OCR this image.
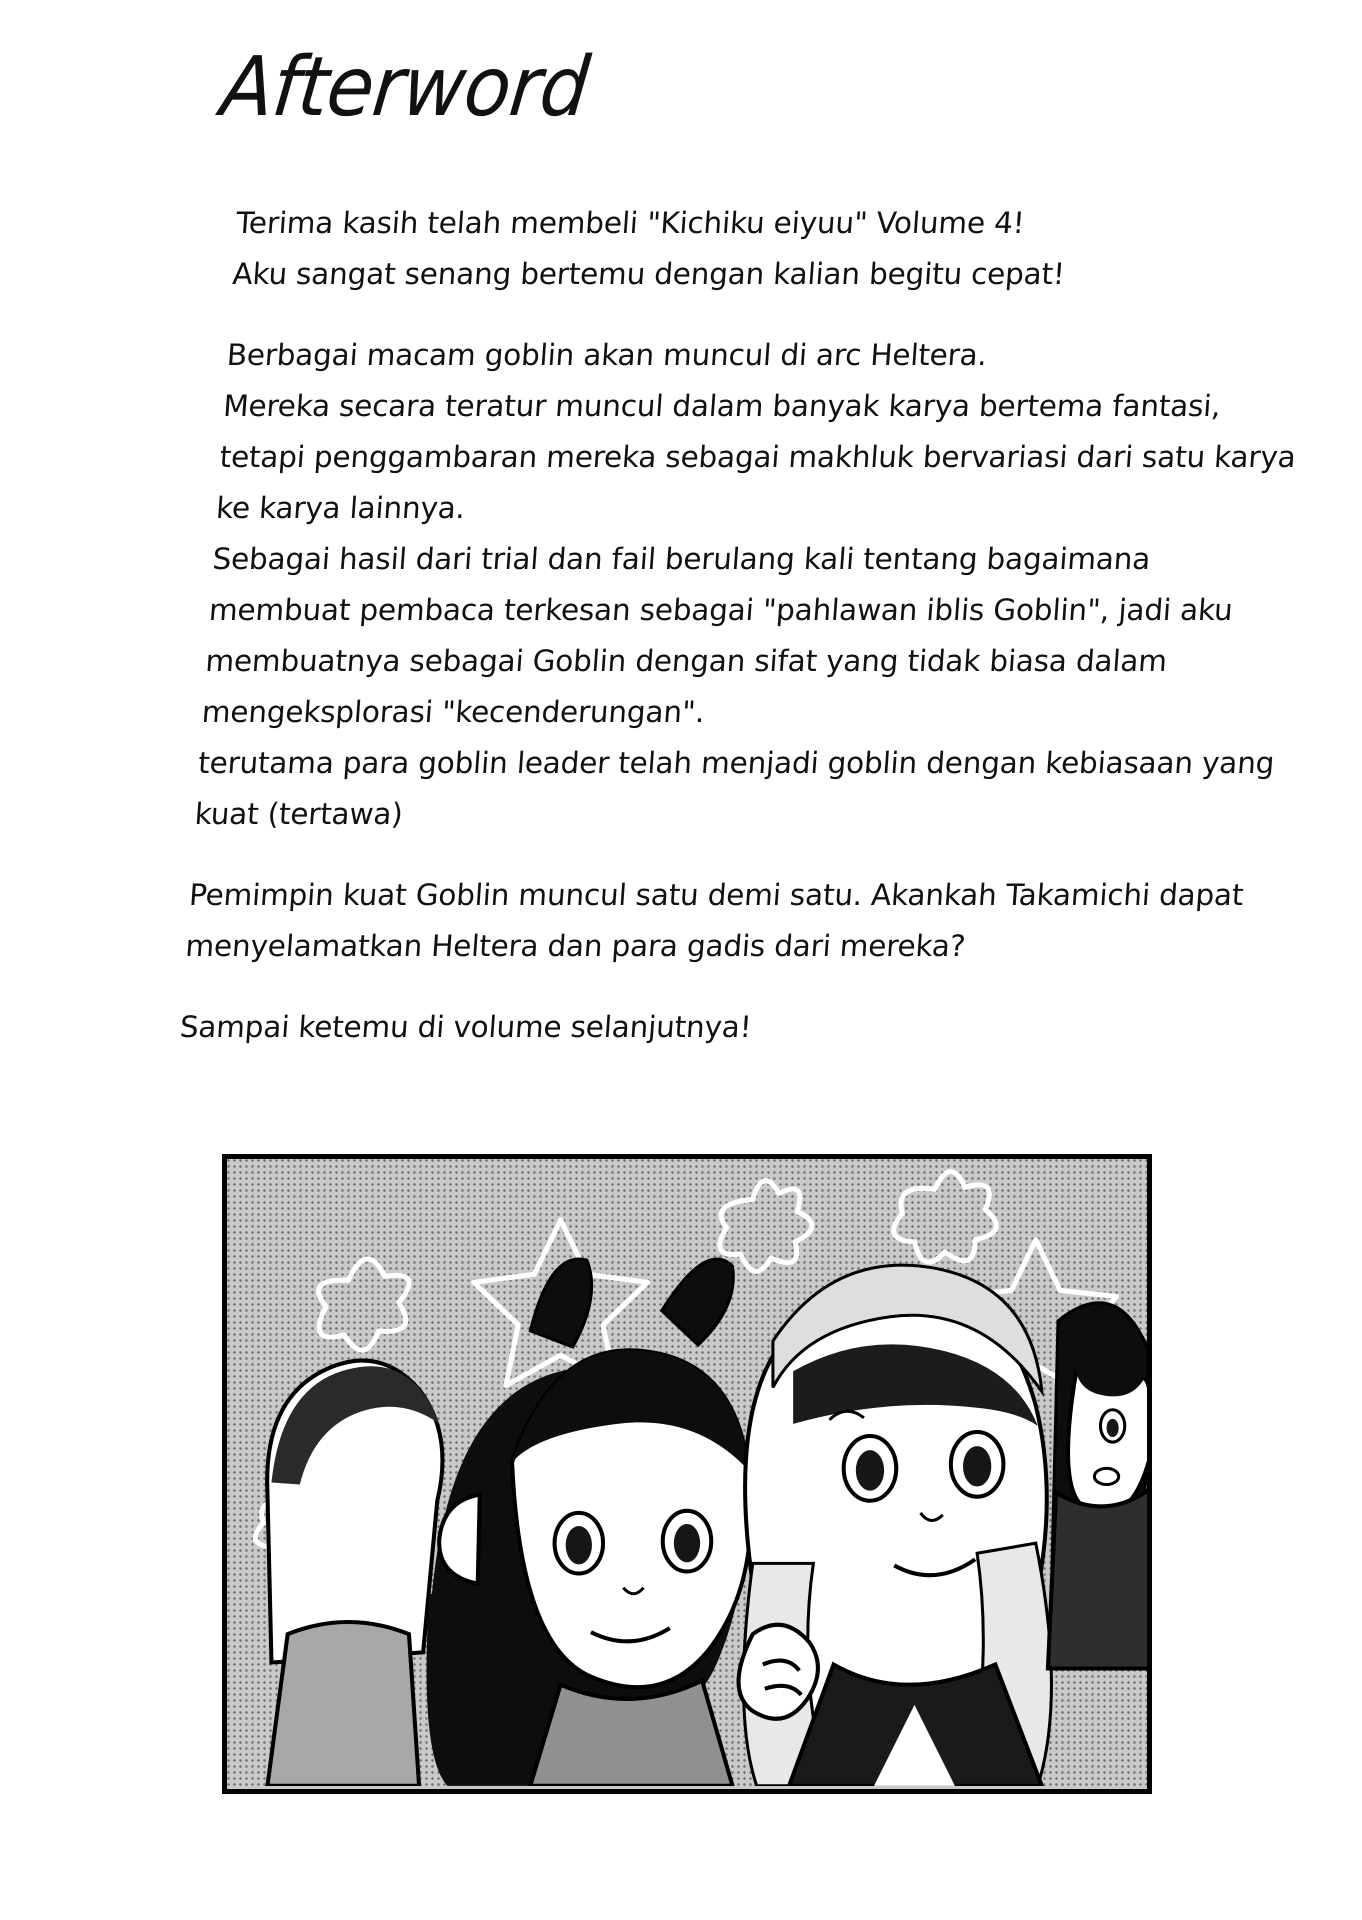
Afterword

Terima kasih telah membeli "Kichiku eiyuu" Volume 4!
Aku sangat senang bertemu dengan kalian begitu cepat!

Berbagai macam goblin akan muncul di arc Heltera.
Mereka secara teratur muncul dalam banyak karya bertema fantasi, tetapi penggambaran mereka sebagai makhluk bervariasi dari satu karya ke karya lainnya.
Sebagai hasil dari trial dan fail berulang kali tentang bagaimana membuat pembaca terkesan sebagai "pahlawan iblis Goblin", jadi aku membuatnya sebagai Goblin dengan sifat yang tidak biasa dalam mengeksplorasi "kecenderungan".
terutama para goblin leader telah menjadi goblin dengan kebiasaan yang kuat (tertawa)

Pemimpin kuat Goblin muncul satu demi satu. Akankah Takamichi dapat menyelamatkan Heltera dan para gadis dari mereka?

Sampai ketemu di volume selanjutnya!
